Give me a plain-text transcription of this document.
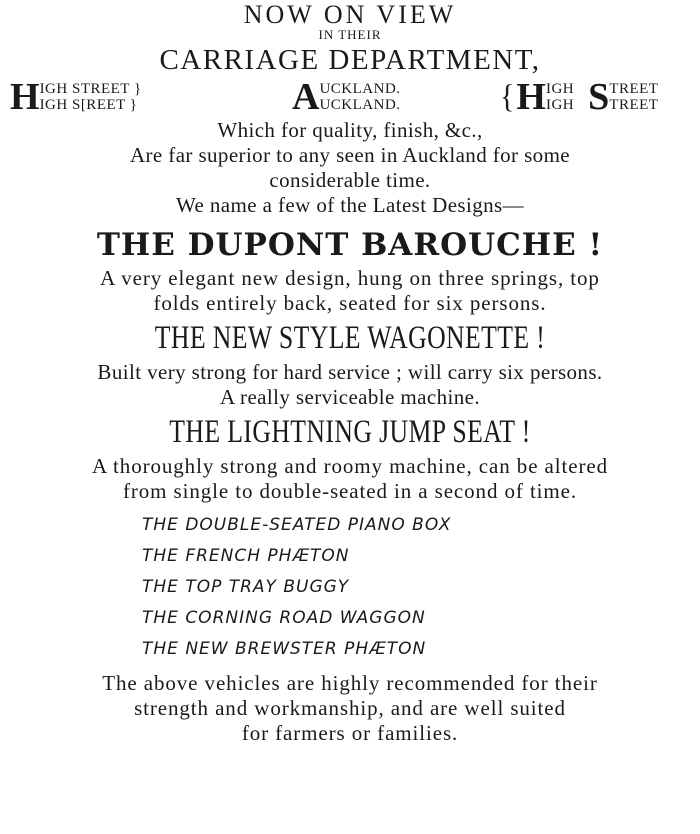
NOW ON VIEW
IN THEIR
CARRIAGE DEPARTMENT,
H IGH STREET }
IGH S[REET }	A UCKLAND.
UCKLAND.	{ H IGH
IGH S TREET
TREET
Which for quality, finish, &c.,
Are far superior to any seen in Auckland for some
considerable time.
We name a few of the Latest Designs—
THE DUPONT BAROUCHE !
A very elegant new design, hung on three springs, top
folds entirely back, seated for six persons.
THE NEW STYLE WAGONETTE !
Built very strong for hard service ; will carry six persons.
A really serviceable machine.
THE LIGHTNING JUMP SEAT !
A thoroughly strong and roomy machine, can be altered
from single to double-seated in a second of time.
THE DOUBLE-SEATED PIANO BOX
THE FRENCH PHÆTON
THE TOP TRAY BUGGY
THE CORNING ROAD WAGGON
THE NEW BREWSTER PHÆTON
The above vehicles are highly recommended for their
strength and workmanship, and are well suited
for farmers or families.
